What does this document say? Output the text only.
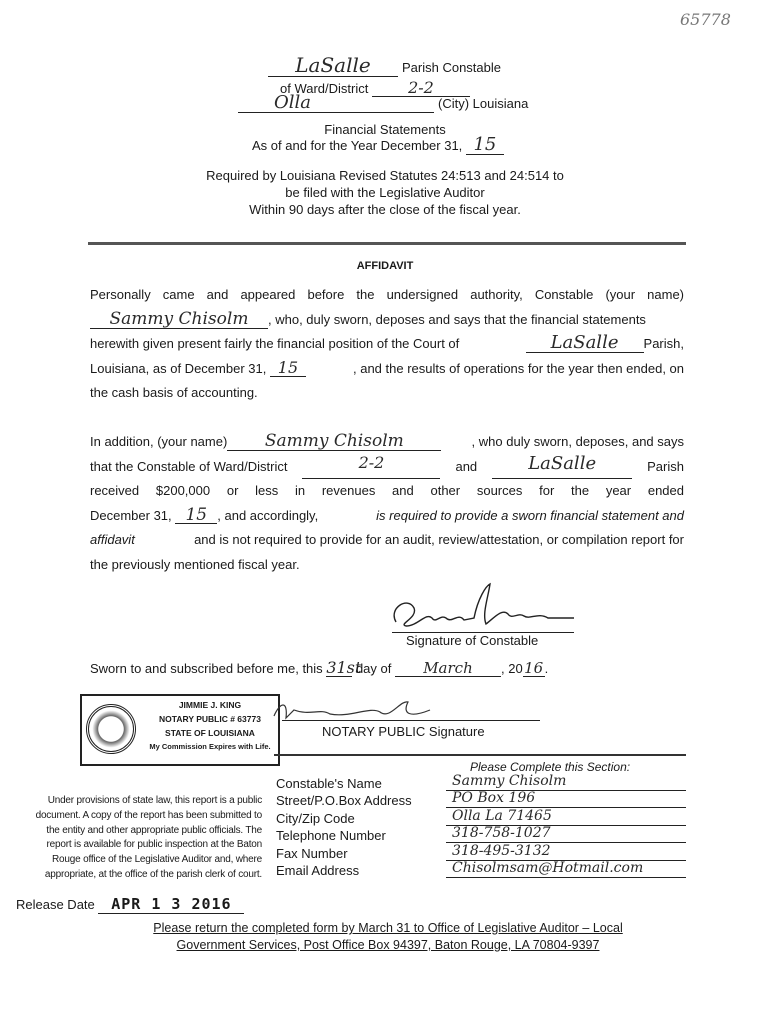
65778
LaSalle Parish Constable
of Ward/District 2-2
Olla	(City) Louisiana
Financial Statements
As of and for the Year December 31, 15
Required by Louisiana Revised Statutes 24:513 and 24:514 to
be filed with the Legislative Auditor
Within 90 days after the close of the fiscal year.
AFFIDAVIT
Personally came and appeared before the undersigned authority, Constable (your name)
Sammy Chisolm , who, duly sworn, deposes and says that the financial statements
herewith given present fairly the financial position of the Court of	LaSalle Parish,
Louisiana, as of December 31, 15	, and the results of operations for the year then ended, on
the cash basis of accounting.
In addition, (your name) Sammy Chisolm	, who duly sworn, deposes, and says
that the Constable of Ward/District	2-2	and	LaSalle	Parish
received $200,000 or less in revenues and other sources for the year ended
December 31, 15 , and accordingly,	is required to provide a sworn financial statement and
affidavit	and is not required to provide for an audit, review/attestation, or compilation report for
the previously mentioned fiscal year.
Signature of Constable
Sworn to and subscribed before me, this 31st day of March , 2016.
JIMMIE J. KING
NOTARY PUBLIC # 63773
STATE OF LOUISIANA
My Commission Expires with Life.
NOTARY PUBLIC Signature
Please Complete this Section:
Constable's Name	Sammy Chisolm
Street/P.O.Box Address	PO Box 196
City/Zip Code	Olla La 71465
Telephone Number	318-758-1027
Fax Number	318-495-3132
Email Address	Chisolmsam@Hotmail.com
Under provisions of state law, this report is a public
document. A copy of the report has been submitted to
the entity and other appropriate public officials. The
report is available for public inspection at the Baton
Rouge office of the Legislative Auditor and, where
appropriate, at the office of the parish clerk of court.
Release Date APR 1 3 2016
Please return the completed form by March 31 to Office of Legislative Auditor – Local
Government Services, Post Office Box 94397, Baton Rouge, LA 70804-9397
